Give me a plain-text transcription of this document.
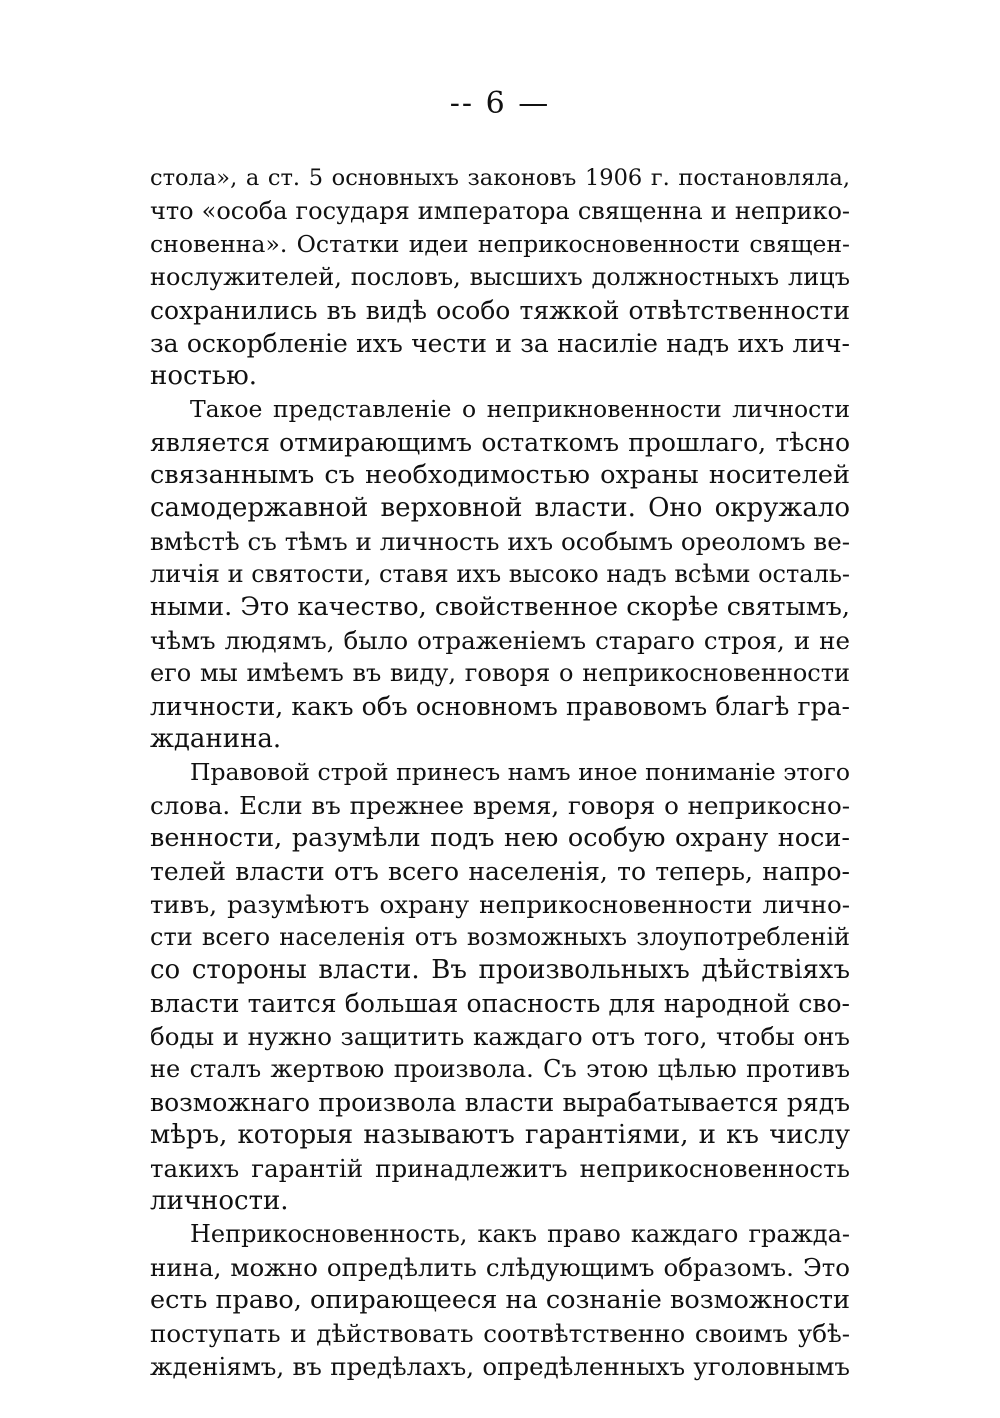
-- 6 —
стола», а ст. 5 основныхъ законовъ 1906 г. постановляла,
что «особа государя императора священна и неприко-
сновенна». Остатки идеи неприкосновенности священ-
нослужителей, пословъ, высшихъ должностныхъ лицъ
сохранились въ видѣ особо тяжкой отвѣтственности
за оскорбленіе ихъ чести и за насиліе надъ ихъ лич-
ностью.
Такое представленіе о неприкновенности личности
является отмирающимъ остаткомъ прошлаго, тѣсно
связаннымъ съ необходимостью охраны носителей
самодержавной верховной власти. Оно окружало
вмѣстѣ съ тѣмъ и личность ихъ особымъ ореоломъ ве-
личія и святости, ставя ихъ высоко надъ всѣми осталь-
ными. Это качество, свойственное скорѣе святымъ,
чѣмъ людямъ, было отраженіемъ стараго строя, и не
его мы имѣемъ въ виду, говоря о неприкосновенности
личности, какъ объ основномъ правовомъ благѣ гра-
жданина.
Правовой строй принесъ намъ иное пониманіе этого
слова. Если въ прежнее время, говоря о неприкосно-
венности, разумѣли подъ нею особую охрану носи-
телей власти отъ всего населенія, то теперь, напро-
тивъ, разумѣютъ охрану неприкосновенности лично-
сти всего населенія отъ возможныхъ злоупотребленій
со стороны власти. Въ произвольныхъ дѣйствіяхъ
власти таится большая опасность для народной сво-
боды и нужно защитить каждаго отъ того, чтобы онъ
не сталъ жертвою произвола. Съ этою цѣлью противъ
возможнаго произвола власти вырабатывается рядъ
мѣръ, которыя называютъ гарантіями, и къ числу
такихъ гарантій принадлежитъ неприкосновенность
личности.
Неприкосновенность, какъ право каждаго гражда-
нина, можно опредѣлить слѣдующимъ образомъ. Это
есть право, опирающееся на сознаніе возможности
поступать и дѣйствовать соотвѣтственно своимъ убѣ-
жденіямъ, въ предѣлахъ, опредѣленныхъ уголовнымъ
